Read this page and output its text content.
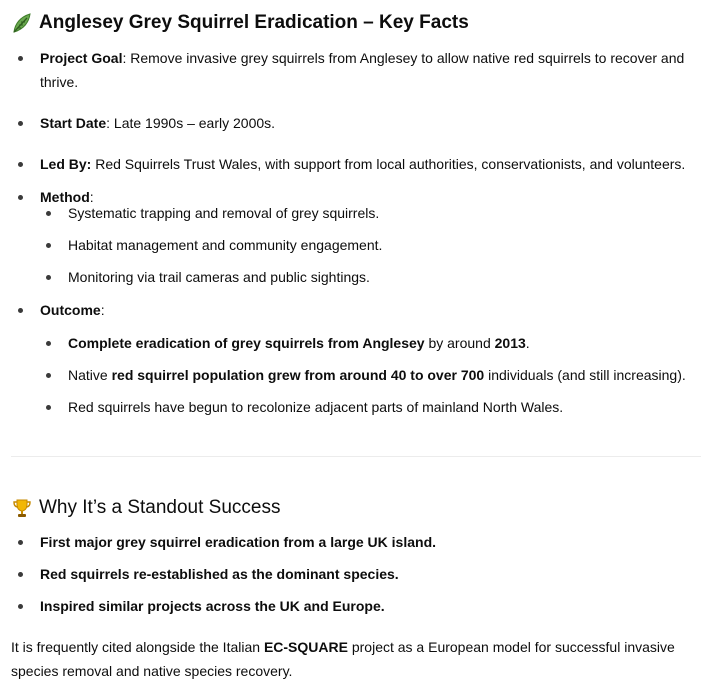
Anglesey Grey Squirrel Eradication – Key Facts
Project Goal: Remove invasive grey squirrels from Anglesey to allow native red squirrels to recover and thrive.
Start Date: Late 1990s – early 2000s.
Led By: Red Squirrels Trust Wales, with support from local authorities, conservationists, and volunteers.
Method:
Systematic trapping and removal of grey squirrels.
Habitat management and community engagement.
Monitoring via trail cameras and public sightings.
Outcome:
Complete eradication of grey squirrels from Anglesey by around 2013.
Native red squirrel population grew from around 40 to over 700 individuals (and still increasing).
Red squirrels have begun to recolonize adjacent parts of mainland North Wales.
Why It’s a Standout Success
First major grey squirrel eradication from a large UK island.
Red squirrels re-established as the dominant species.
Inspired similar projects across the UK and Europe.

It is frequently cited alongside the Italian EC-SQUARE project as a European model for successful invasive species removal and native species recovery.
